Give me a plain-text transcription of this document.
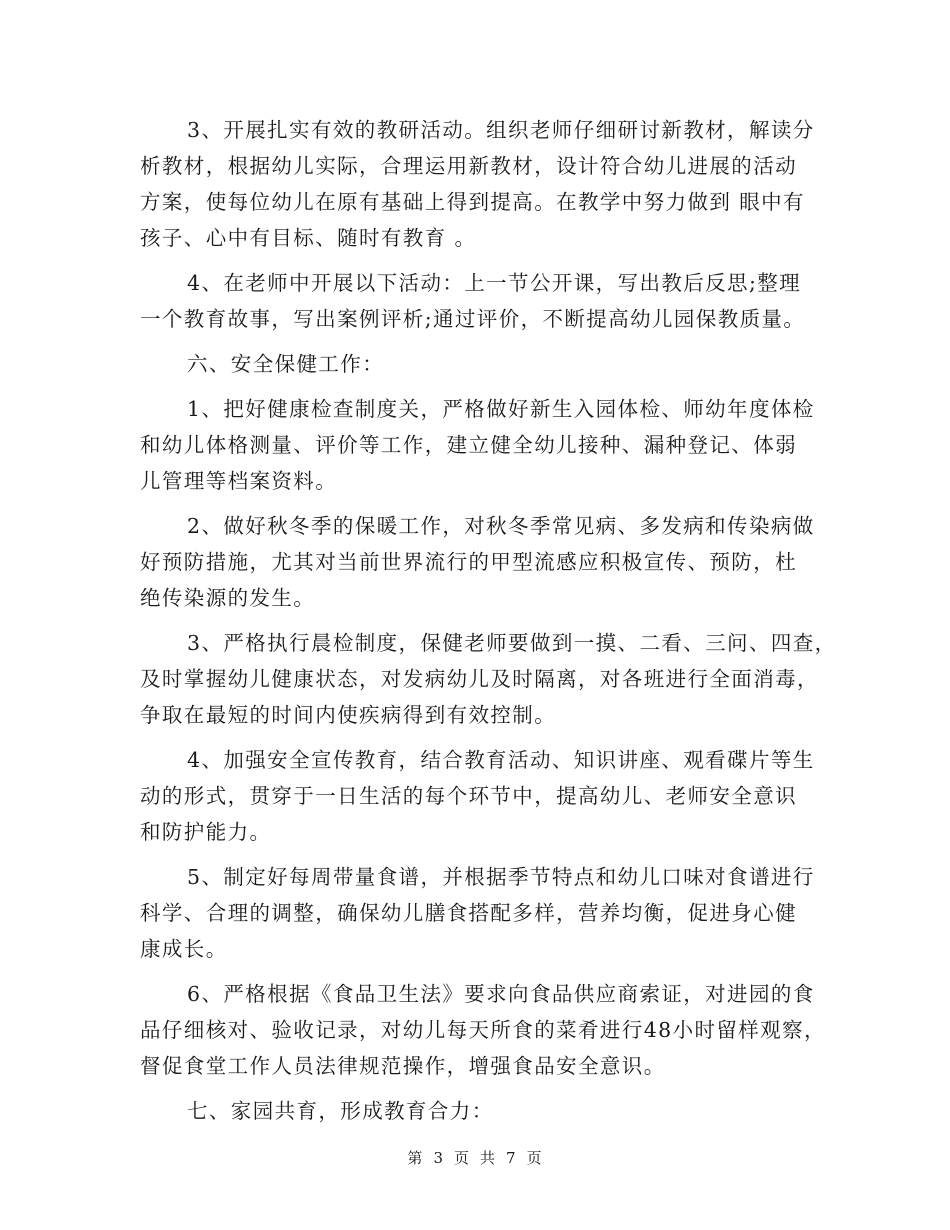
3、开展扎实有效的教研活动。组织老师仔细研讨新教材，解读分
析教材，根据幼儿实际，合理运用新教材，设计符合幼儿进展的活动
方案，使每位幼儿在原有基础上得到提高。在教学中努力做到 眼中有
孩子、心中有目标、随时有教育 。
4、在老师中开展以下活动：上一节公开课，写出教后反思;整理
一个教育故事，写出案例评析;通过评价，不断提高幼儿园保教质量。
六、安全保健工作：
1、把好健康检查制度关，严格做好新生入园体检、师幼年度体检
和幼儿体格测量、评价等工作，建立健全幼儿接种、漏种登记、体弱
儿管理等档案资料。
2、做好秋冬季的保暖工作，对秋冬季常见病、多发病和传染病做
好预防措施，尤其对当前世界流行的甲型流感应积极宣传、预防，杜
绝传染源的发生。
3、严格执行晨检制度，保健老师要做到一摸、二看、三问、四查，
及时掌握幼儿健康状态，对发病幼儿及时隔离，对各班进行全面消毒，
争取在最短的时间内使疾病得到有效控制。
4、加强安全宣传教育，结合教育活动、知识讲座、观看碟片等生
动的形式，贯穿于一日生活的每个环节中，提高幼儿、老师安全意识
和防护能力。
5、制定好每周带量食谱，并根据季节特点和幼儿口味对食谱进行
科学、合理的调整，确保幼儿膳食搭配多样，营养均衡，促进身心健
康成长。
6、严格根据《食品卫生法》要求向食品供应商索证，对进园的食
品仔细核对、验收记录，对幼儿每天所食的菜肴进行48小时留样观察，
督促食堂工作人员法律规范操作，增强食品安全意识。
七、家园共育，形成教育合力：
第 3 页 共 7 页
